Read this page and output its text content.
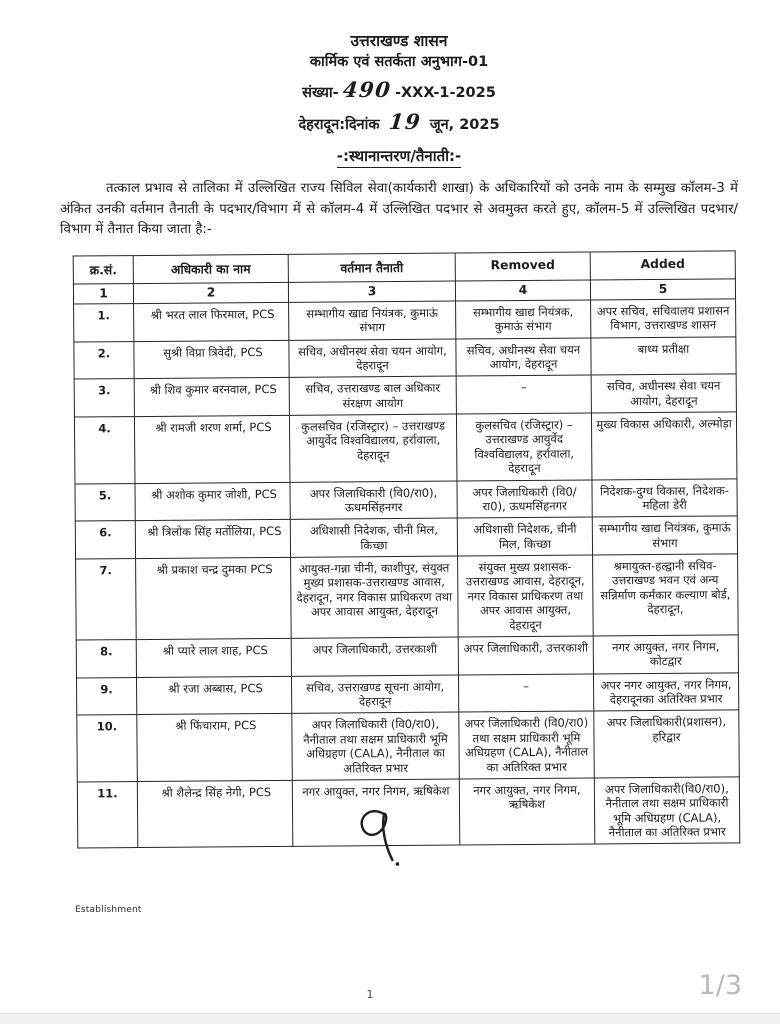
उत्तराखण्ड शासन
कार्मिक एवं सतर्कता अनुभाग-01
संख्या- 490 -XXX-1-2025
देहरादून:दिनांक 19 जून, 2025
-:स्थानान्तरण/तैनाती:-

तत्काल प्रभाव से तालिका में उल्लिखित राज्य सिविल सेवा(कार्यकारी शाखा) के अधिकारियों को उनके नाम के सम्मुख कॉलम-3 में अंकित उनकी वर्तमान तैनाती के पदभार/विभाग में से कॉलम-4 में उल्लिखित पदभार से अवमुक्त करते हुए, कॉलम-5 में उल्लिखित पदभार/विभाग में तैनात किया जाता है:-

क्र.सं.	अधिकारी का नाम	वर्तमान तैनाती	Removed	Added
1	2	3	4	5
1.	श्री भरत लाल फिरमाल, PCS	सम्भागीय खाद्य नियंत्रक, कुमाऊं संभाग	सम्भागीय खाद्य नियंत्रक, कुमाऊं संभाग	अपर सचिव, सचिवालय प्रशासन विभाग, उत्तराखण्ड शासन
2.	सुश्री विप्रा त्रिवेदी, PCS	सचिव, अधीनस्थ सेवा चयन आयोग, देहरादून	सचिव, अधीनस्थ सेवा चयन आयोग, देहरादून	बाध्य प्रतीक्षा
3.	श्री शिव कुमार बरनवाल, PCS	सचिव, उत्तराखण्ड बाल अधिकार संरक्षण आयोग	–	सचिव, अधीनस्थ सेवा चयन आयोग, देहरादून
4.	श्री रामजी शरण शर्मा, PCS	कुलसचिव (रजिस्ट्रार) – उत्तराखण्ड आयुर्वेद विश्वविद्यालय, हर्रावाला, देहरादून	कुलसचिव (रजिस्ट्रार) – उत्तराखण्ड आयुर्वेद विश्वविद्यालय, हर्रावाला, देहरादून	मुख्य विकास अधिकारी, अल्मोड़ा
5.	श्री अशोक कुमार जोशी, PCS	अपर जिलाधिकारी (वि0/रा0), ऊधमसिंहनगर	अपर जिलाधिकारी (वि0/रा0), ऊधमसिंहनगर	निदेशक-दुग्ध विकास, निदेशक-महिला डेरी
6.	श्री त्रिलोक सिंह मर्तोलिया, PCS	अधिशासी निदेशक, चीनी मिल, किच्छा	अधिशासी निदेशक, चीनी मिल, किच्छा	सम्भागीय खाद्य नियंत्रक, कुमाऊं संभाग
7.	श्री प्रकाश चन्द्र दुमका PCS	आयुक्त-गन्ना चीनी, काशीपुर, संयुक्त मुख्य प्रशासक-उत्तराखण्ड आवास, देहरादून, नगर विकास प्राधिकरण तथा अपर आवास आयुक्त, देहरादून	संयुक्त मुख्य प्रशासक-उत्तराखण्ड आवास, देहरादून, नगर विकास प्राधिकरण तथा अपर आवास आयुक्त, देहरादून	श्रमायुक्त-हल्द्वानी सचिव-उत्तराखण्ड भवन एवं अन्य सन्निर्माण कर्मकार कल्याण बोर्ड, देहरादून,
8.	श्री प्यारे लाल शाह, PCS	अपर जिलाधिकारी, उत्तरकाशी	अपर जिलाधिकारी, उत्तरकाशी	नगर आयुक्त, नगर निगम, कोटद्वार
9.	श्री रजा अब्बास, PCS	सचिव, उत्तराखण्ड सूचना आयोग, देहरादून	–	अपर नगर आयुक्त, नगर निगम, देहरादूनका अतिरिक्त प्रभार
10.	श्री फिंचाराम, PCS	अपर जिलाधिकारी (वि0/रा0), नैनीताल तथा सक्षम प्राधिकारी भूमि अधिग्रहण (CALA), नैनीताल का अतिरिक्त प्रभार	अपर जिलाधिकारी (वि0/रा0) तथा सक्षम प्राधिकारी भूमि अधिग्रहण (CALA), नैनीताल का अतिरिक्त प्रभार	अपर जिलाधिकारी(प्रशासन), हरिद्वार
11.	श्री शैलेन्द्र सिंह नेगी, PCS	नगर आयुक्त, नगर निगम, ऋषिकेश	नगर आयुक्त, नगर निगम, ऋषिकेश	अपर जिलाधिकारी(वि0/रा0), नैनीताल तथा सक्षम प्राधिकारी भूमि अधिग्रहण (CALA), नैनीताल का अतिरिक्त प्रभार
Establishment
1	1/3
